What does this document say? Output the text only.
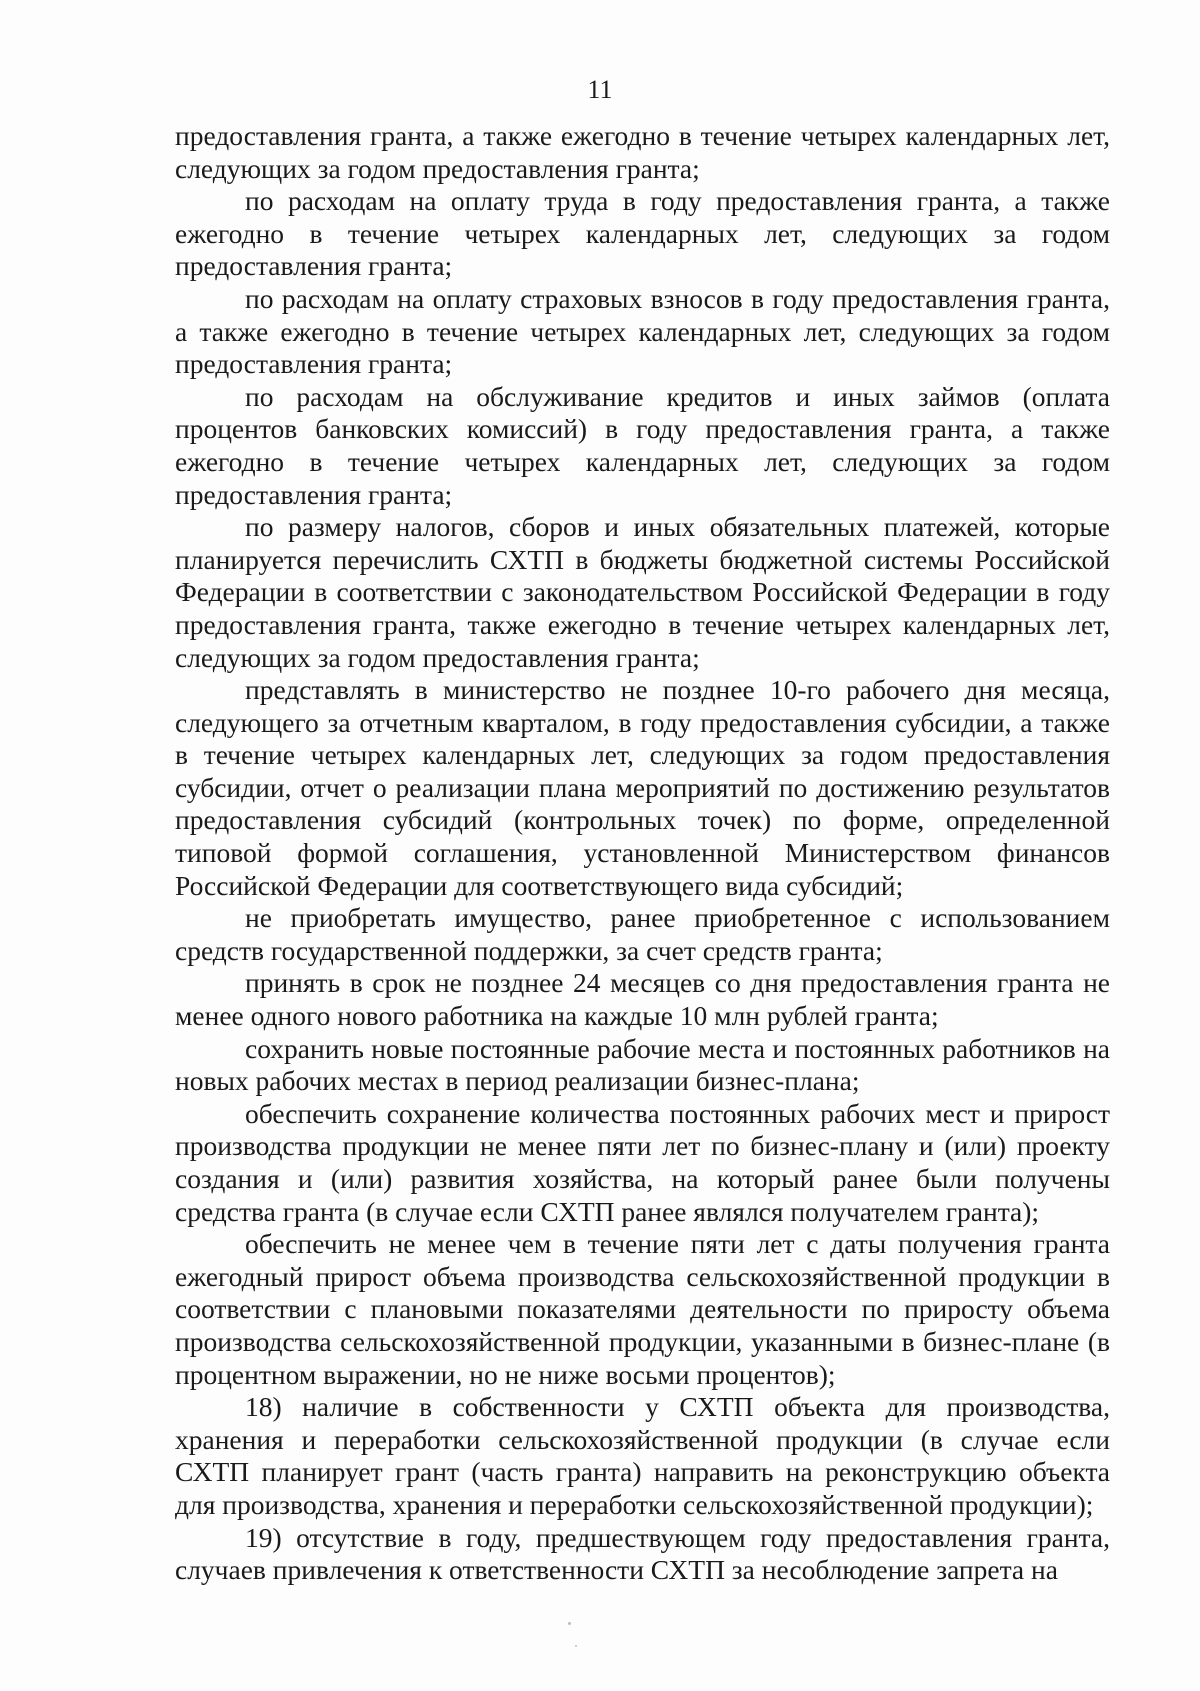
11

предоставления гранта, а также ежегодно в течение четырех календарных лет, следующих за годом предоставления гранта;

по расходам на оплату труда в году предоставления гранта, а также ежегодно в течение четырех календарных лет, следующих за годом предоставления гранта;

по расходам на оплату страховых взносов в году предоставления гранта, а также ежегодно в течение четырех календарных лет, следующих за годом предоставления гранта;

по расходам на обслуживание кредитов и иных займов (оплата процентов банковских комиссий) в году предоставления гранта, а также ежегодно в течение четырех календарных лет, следующих за годом предоставления гранта;

по размеру налогов, сборов и иных обязательных платежей, которые планируется перечислить СХТП в бюджеты бюджетной системы Российской Федерации в соответствии с законодательством Российской Федерации в году предоставления гранта, также ежегодно в течение четырех календарных лет, следующих за годом предоставления гранта;

представлять в министерство не позднее 10-го рабочего дня месяца, следующего за отчетным кварталом, в году предоставления субсидии, а также в течение четырех календарных лет, следующих за годом предоставления субсидии, отчет о реализации плана мероприятий по достижению результатов предоставления субсидий (контрольных точек) по форме, определенной типовой формой соглашения, установленной Министерством финансов Российской Федерации для соответствующего вида субсидий;

не приобретать имущество, ранее приобретенное с использованием средств государственной поддержки, за счет средств гранта;

принять в срок не позднее 24 месяцев со дня предоставления гранта не менее одного нового работника на каждые 10 млн рублей гранта;

сохранить новые постоянные рабочие места и постоянных работников на новых рабочих местах в период реализации бизнес-плана;

обеспечить сохранение количества постоянных рабочих мест и прирост производства продукции не менее пяти лет по бизнес-плану и (или) проекту создания и (или) развития хозяйства, на который ранее были получены средства гранта (в случае если СХТП ранее являлся получателем гранта);

обеспечить не менее чем в течение пяти лет с даты получения гранта ежегодный прирост объема производства сельскохозяйственной продукции в соответствии с плановыми показателями деятельности по приросту объема производства сельскохозяйственной продукции, указанными в бизнес-плане (в процентном выражении, но не ниже восьми процентов);

18) наличие в собственности у СХТП объекта для производства, хранения и переработки сельскохозяйственной продукции (в случае если СХТП планирует грант (часть гранта) направить на реконструкцию объекта для производства, хранения и переработки сельскохозяйственной продукции);

19) отсутствие в году, предшествующем году предоставления гранта, случаев привлечения к ответственности СХТП за несоблюдение запрета на
